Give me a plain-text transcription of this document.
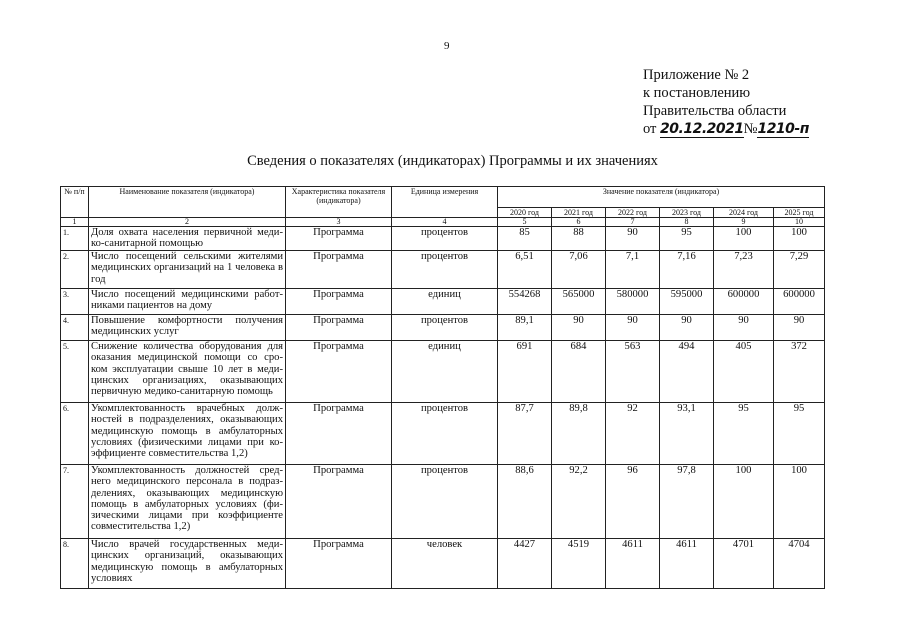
9
Приложение № 2
к постановлению
Правительства области
от 20.12.2021№1210-п
Сведения о показателях (индикаторах) Программы и их значениях
№ п/п	Наименование показателя (индикатора)	Характеристика показателя (индикатора)	Единица измерения	Значение показателя (индикатора)					
				2020 год	2021 год	2022 год	2023 год	2024 год	2025 год
1	2	3	4	5	6	7	8	9	10
1.	Доля охвата населения первичной меди-ко-санитарной помощью	Программа	процентов	85	88	90	95	100	100
2.	Число посещений сельскими жителями медицинских организаций на 1 человека в год	Программа	процентов	6,51	7,06	7,1	7,16	7,23	7,29
3.	Число посещений медицинскими работ-никами пациентов на дому	Программа	единиц	554268	565000	580000	595000	600000	600000
4.	Повышение комфортности получения медицинских услуг	Программа	процентов	89,1	90	90	90	90	90
5.	Снижение количества оборудования для оказания медицинской помощи со сро-ком эксплуатации свыше 10 лет в меди-цинских организациях, оказывающих первичную медико-санитарную помощь	Программа	единиц	691	684	563	494	405	372
6.	Укомплектованность врачебных долж-ностей в подразделениях, оказывающих медицинскую помощь в амбулаторных условиях (физическими лицами при ко-эффициенте совместительства 1,2)	Программа	процентов	87,7	89,8	92	93,1	95	95
7.	Укомплектованность должностей сред-него медицинского персонала в подраз-делениях, оказывающих медицинскую помощь в амбулаторных условиях (фи-зическими лицами при коэффициенте совместительства 1,2)	Программа	процентов	88,6	92,2	96	97,8	100	100
8.	Число врачей государственных меди-цинских организаций, оказывающих медицинскую помощь в амбулаторных условиях	Программа	человек	4427	4519	4611	4611	4701	4704
